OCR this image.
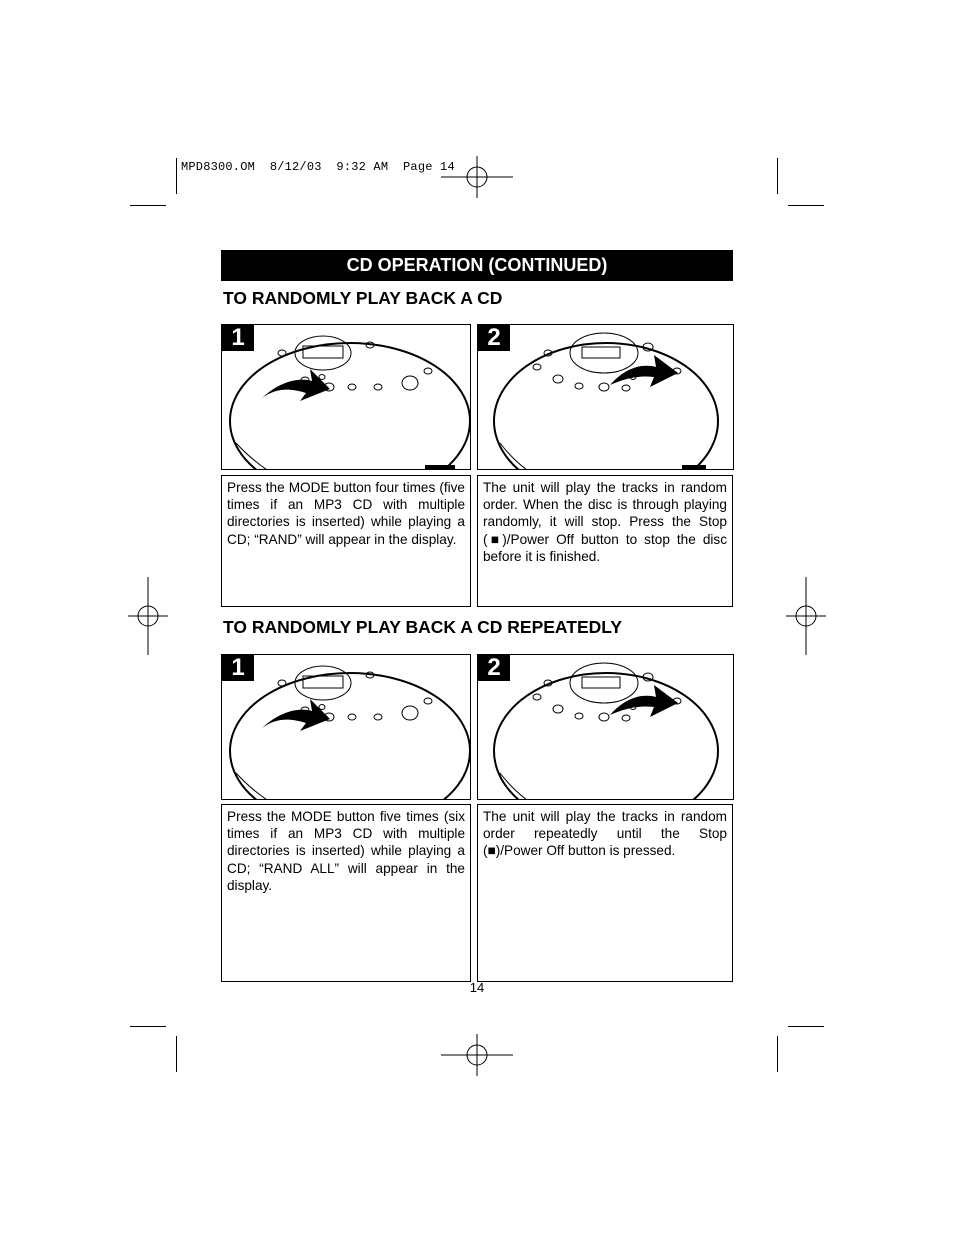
MPD8300.OM  8/12/03  9:32 AM  Page 14
CD OPERATION (CONTINUED)
TO RANDOMLY PLAY BACK A CD
1	2
Press the MODE button four times (five times if an MP3 CD with multiple directories is inserted) while playing a CD; “RAND” will appear in the display.
The unit will play the tracks in random order. When the disc is through playing randomly, it will stop. Press the Stop (■)/Power Off button to stop the disc before it is finished.
TO RANDOMLY PLAY BACK A CD REPEATEDLY
1	2
Press the MODE button five times (six times if an MP3 CD with multiple directories is inserted) while playing a CD; “RAND ALL” will appear in the display.
The unit will play the tracks in random order repeatedly until the Stop (■)/Power Off button is pressed.
14
